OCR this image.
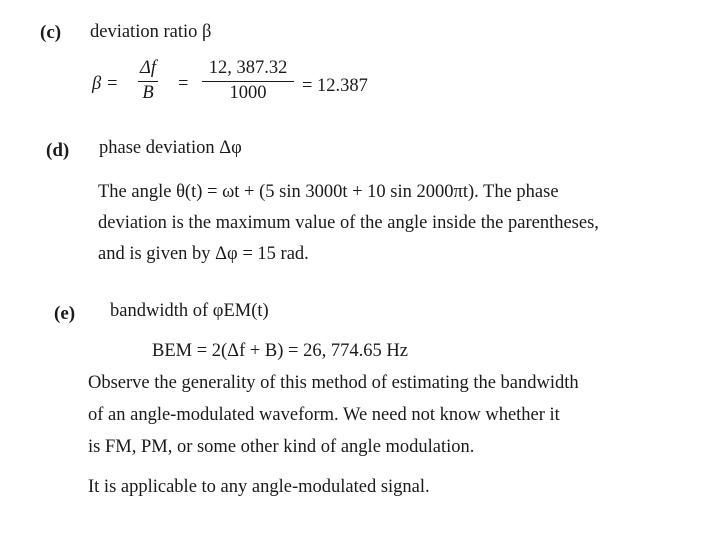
(c) deviation ratio β
β =
Δf
B =
12, 387.32
1000	= 12.387
(d) phase deviation Δφ
The angle θ(t) = ωt + (5 sin 3000t + 10 sin 2000πt). The phase
deviation is the maximum value of the angle inside the parentheses,
and is given by Δφ = 15 rad.
(e) bandwidth of φEM(t)
BEM = 2(Δf + B) = 26, 774.65 Hz
Observe the generality of this method of estimating the bandwidth
of an angle-modulated waveform. We need not know whether it
is FM, PM, or some other kind of angle modulation.
It is applicable to any angle-modulated signal.
